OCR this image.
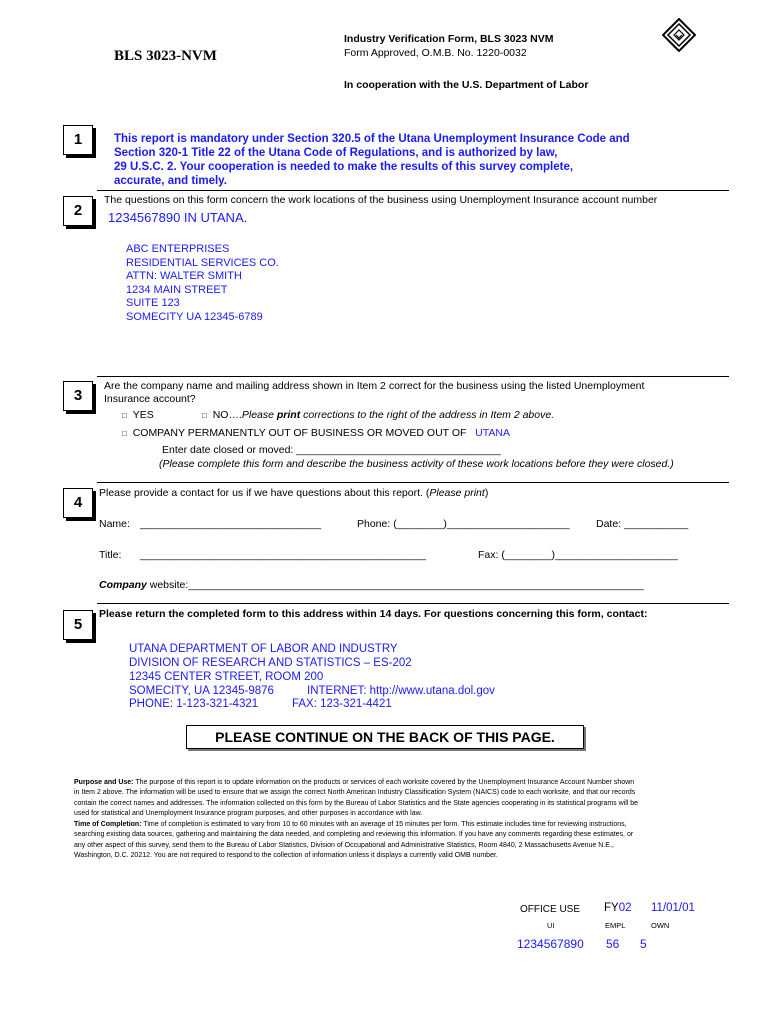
BLS 3023-NVM
Industry Verification Form, BLS 3023 NVM
Form Approved, O.M.B. No. 1220-0032
In cooperation with the U.S. Department of Labor
1	This report is mandatory under Section 320.5 of the Utana Unemployment Insurance Code and
Section 320-1 Title 22 of the Utana Code of Regulations, and is authorized by law,
29 U.S.C. 2. Your cooperation is needed to make the results of this survey complete,
accurate, and timely.
2
The questions on this form concern the work locations of the business using Unemployment Insurance account number
1234567890 IN UTANA.
ABC ENTERPRISES
RESIDENTIAL SERVICES CO.
ATTN: WALTER SMITH
1234 MAIN STREET
SUITE 123
SOMECITY UA 12345-6789
3
Are the company name and mailing address shown in Item 2 correct for the business using the listed Unemployment
Insurance account?
□ YES	□ NO….Please print corrections to the right of the address in Item 2 above.
□ COMPANY PERMANENTLY OUT OF BUSINESS OR MOVED OUT OF UTANA
Enter date closed or moved: ___________________________________
(Please complete this form and describe the business activity of these work locations before they were closed.)
4
Please provide a contact for us if we have questions about this report. (Please print)
Name: _______________________________	Phone: (________)_____________________	Date: ___________
Title: _________________________________________________	Fax: (________)_____________________
Company website:______________________________________________________________________________
5
Please return the completed form to this address within 14 days. For questions concerning this form, contact:
UTANA DEPARTMENT OF LABOR AND INDUSTRY
DIVISION OF RESEARCH AND STATISTICS – ES-202
12345 CENTER STREET, ROOM 200
SOMECITY, UA 12345-9876	INTERNET: http://www.utana.dol.gov
PHONE: 1-123-321-4321	FAX: 123-321-4421
PLEASE CONTINUE ON THE BACK OF THIS PAGE.
Purpose and Use: The purpose of this report is to update information on the products or services of each worksite covered by the Unemployment Insurance Account Number shown
in Item 2 above. The information will be used to ensure that we assign the correct North American Industry Classification System (NAICS) code to each worksite, and that our records
contain the correct names and addresses. The information collected on this form by the Bureau of Labor Statistics and the State agencies cooperating in its statistical programs will be
used for statistical and Unemployment Insurance program purposes, and other purposes in accordance with law.
Time of Completion: Time of completion is estimated to vary from 10 to 60 minutes with an average of 15 minutes per form. This estimate includes time for reviewing instructions,
searching existing data sources, gathering and maintaining the data needed, and completing and reviewing this information. If you have any comments regarding these estimates, or
any other aspect of this survey, send them to the Bureau of Labor Statistics, Division of Occupational and Administrative Statistics, Room 4840, 2 Massachusetts Avenue N.E.,
Washington, D.C. 20212. You are not required to respond to the collection of information unless it displays a currently valid OMB number.
OFFICE USE FY02 11/01/01
UI	EMPL	OWN
1234567890 56 5
